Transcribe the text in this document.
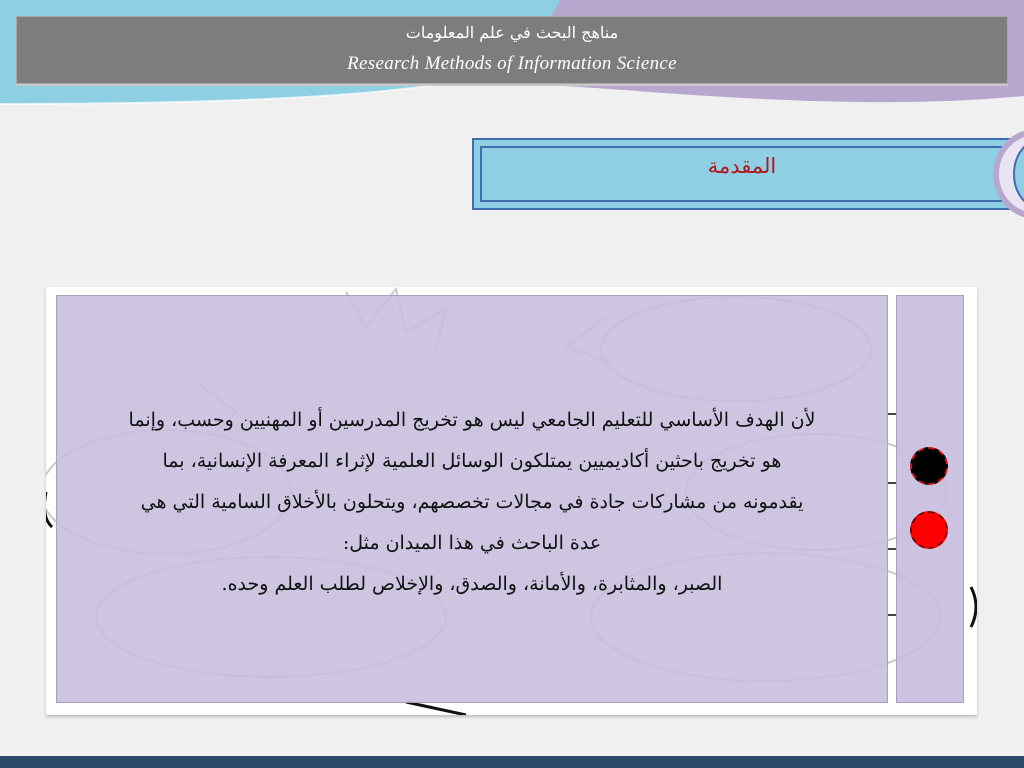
مناهج البحث في علم المعلومات
Research Methods of Information Science
المقدمة

لأن الهدف الأساسي للتعليم الجامعي ليس هو تخريج المدرسين أو المهنيين وحسب، وإنما

هو تخريج باحثين أكاديميين يمتلكون الوسائل العلمية لإثراء المعرفة الإنسانية، بما

يقدمونه من مشاركات جادة في مجالات تخصصهم، ويتحلون بالأخلاق السامية التي هي

عدة الباحث في هذا الميدان مثل:

الصبر، والمثابرة، والأمانة، والصدق، والإخلاص لطلب العلم وحده.
